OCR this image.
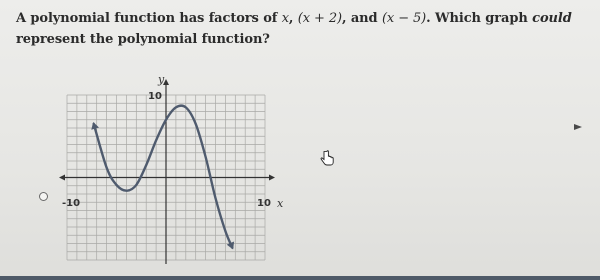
A polynomial function has factors of x, (x + 2), and (x − 5). Which graph could represent the polynomial function?
y
x
10
10
-10
